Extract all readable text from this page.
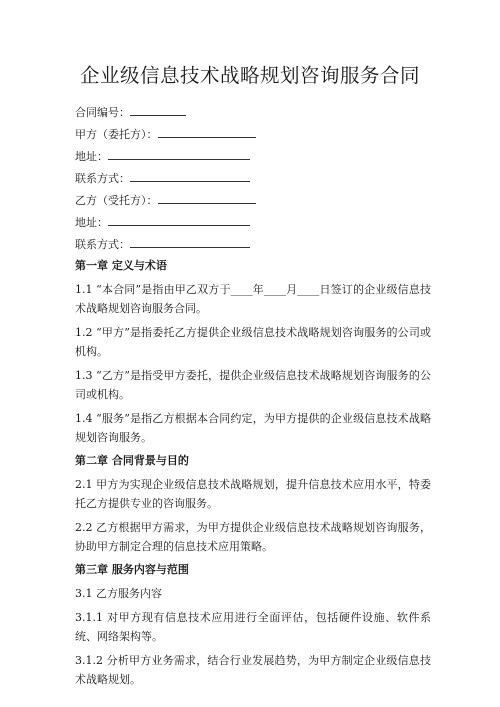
企业级信息技术战略规划咨询服务合同
合同编号：
甲方（委托方）：
地址：
联系方式：
乙方（受托方）：
地址：
联系方式：
第一章 定义与术语

1.1 “本合同”是指由甲乙双方于____年____月____日签订的企业级信息技术战略规划咨询服务合同。

1.2 “甲方”是指委托乙方提供企业级信息技术战略规划咨询服务的公司或机构。

1.3 “乙方”是指受甲方委托，提供企业级信息技术战略规划咨询服务的公司或机构。

1.4 “服务”是指乙方根据本合同约定，为甲方提供的企业级信息技术战略规划咨询服务。

第二章 合同背景与目的

2.1 甲方为实现企业级信息技术战略规划，提升信息技术应用水平，特委托乙方提供专业的咨询服务。

2.2 乙方根据甲方需求，为甲方提供企业级信息技术战略规划咨询服务，协助甲方制定合理的信息技术应用策略。

第三章 服务内容与范围

3.1 乙方服务内容

3.1.1 对甲方现有信息技术应用进行全面评估，包括硬件设施、软件系统、网络架构等。

3.1.2 分析甲方业务需求，结合行业发展趋势，为甲方制定企业级信息技术战略规划。
